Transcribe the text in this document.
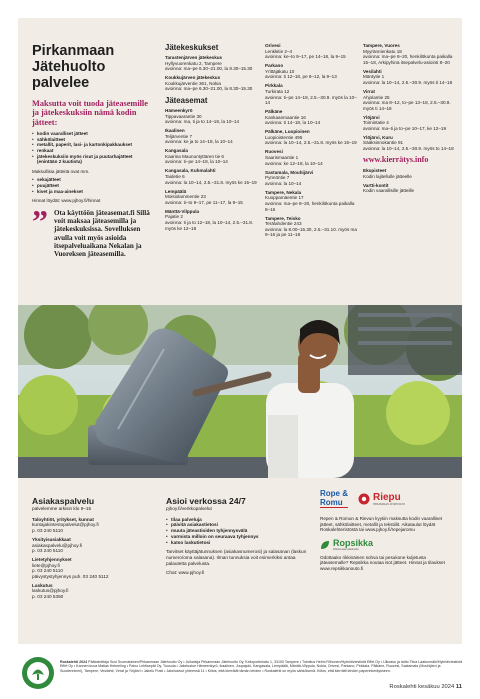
Pirkanmaan Jätehuolto palvelee
Maksutta voit tuoda jäteasemille ja jätekeskuksiin nämä kodin jätteet:
• kodin vaaralliset jätteet
• sähkölaitteet
• metallit, paperit, lasi- ja kartonkipakkaukset
• renkaat
• jätekeskuksiin myös risut ja puutarhajätteet (enintään 2 kuutiota)
Maksullisia jätteitä ovat mm.
• sekajätteet
• puujätteet
• kivet ja maa-ainekset
Hinnat löydät: www.pjhoy.fi/hinnat
” Ota käyttöön jäteasemat.fi Sillä voit maksaa jäteasemilla ja jätekeskuksissa. Sovelluksen avulla voit myös asioida itsepalveluaikana Nekalan ja Vuoreksen jäteasemilla.
Jätekeskukset
Tarastenjärven jätekeskus
Hyllyvuorenkatu 2, Tampere
avoinna: ma–pe 6.30–21.00, la 8.30–15.30
Koukkujärven jätekeskus
Koukkujärventie 361, Nokia
avoinna: ma–pe 6.30–21.00, la 8.30–15.30
Jäteasemat
Hämeenkyrö
Tippavaarantie 30
avoinna: ma, ti ja to 14–18, la 10–14
Ikaalinen
Teljärventie 7
avoinna: ke ja to 14–18, la 10–14
Kangasala
Kaarina Maununtyttären tie 6
avoinna: ti–pe 14–18, la 10–14
Kangasala, Kuhmalahti
Taidetie 6
avoinna: la 10–14, 2.5.–31.8. myös ke 15–19
Lempäälä
Moisiolammentie 23
avoinna: ti–to 9–17, pe 11–17, la 9–15
Mänttä-Vilppula
Pajatie 2
avoinna: ti ja to 12–18, la 10–14, 2.5.–31.8. myös ke 12–18
Orivesi
Lenkkitie 2–4
avoinna: ke–to 9–17, pe 14–18, la 9–15
Parkano
Yrittäjäkatu 10
avoinna: ti 12–18, pe 9–12, la 9–13
Pirkkala
Turkirata 12
avoinna: ti–pe 14–18, 2.5.–30.9. myös la 10–14
Pälkäne
Kankaanmaantie 16
avoinna: ti 14–18, la 10–14
Pälkäne, Luopioinen
Luopioistentie 495
avoinna: la 10–14, 2.5.–31.8. myös ke 15–19
Ruovesi
Saarismaantie 1
avoinna: ke 12–18, la 10–14
Sastamala, Mouhijärvi
Pynnöntie 7
avoinna: la 10–14
Tampere, Nekala
Kuoppamäentie 17
avoinna: ma–pe 8–20, henkilökunta paikalla 8–16
Tampere, Teisko
Terälahdentie 243
avoinna: la 8.00–15.30, 2.5.–31.10. myös ma 9–16 ja pe 11–18
Tampere, Vuores
Myyrännienkatu 18
avoinna: ma–pe 8–20, henkilökunta paikalla 15–18, Arkipyhinä itsepalvelu-asiointi 8–20
Vesilahti
Mäntytie 1
avoinna: la 10–14, 2.5.–30.9. myös ti 14–18
Virrat
Ahjolantie 25
avoinna: ma 8–12, to–pe 13–18, 2.5.–30.9. myös ti 14–18
Ylöjärvi
Toimintatie 4
avoinna: ma–ti ja to–pe 10–17, ke 12–19
Ylöjärvi, Kuru
Sääksinnokantie 91
avoinna: la 10–14, 2.5.–30.9. myös to 14–18
www.kierrätys.info
Ekopisteet
Kodin lajitellulle jätteelle
Vartti-kontit
Kodin vaarallisille jätteille
Asiakaspalvelu
palvelemme arkisin klo 9–15
Taloyhtiöt, yritykset, kunnat
kuntajakintestopalvelut@pjhoy.fi
p. 03 240 5110
Yksityisasiakkaat
asiakaspalvelu@pjhoy.fi
p. 03 240 5110
Lietetyhjennykset
liete@pjhoy.fi
p. 03 240 5110
päivystystyhjennys puh. 03 240 5112
Laskutus
laskutus@pjhoy.fi
p. 03 240 5350
Asioi verkossa 24/7
pjhoy.fi/verkkopalvelut
• tilaa palveluja
• päivitä asiakastietosi
• muuta jäteastioiden tyhjennysvälä
• varmista milloin on seuraava tyhjennys
• katso laskutietosi
Tarvitset käyttäjätunnuksen (asiakasnumerosi) ja salasanan (laskun numero/oma salasana). Ilman tunnuksia voit esimerkiksi antaa palautetta palvelusta.
Chat: www.pjhoy.fi
Rope &
Romu	Riepu
PIRKANMAAN JÄTEHUOLTO
Repen & Romun & Rievun kyytiin maksutta kodin vaaralliset jätteet, sähkölaitteet, metallit ja tekstiilit. Aikataulut löydät Roskalehteristöstä tai www.pjhoy.fi/repejaromu
Ropsikka
Pirkanmaan jätehuolto
Odottaako rikkinäinen sohva tai pesukone kuljetusta jäteasemalle? Repsikka noutaa isot jätteet. Hinnat ja tilaukset www.repsikkanouto.fi
Roskalehti 2024 Päätoimittaja Suvi Suomalainen/Pirkanmaan Jätehuolto Oy • Julkaisija Pirkanmaan Jätehuolto Oy, Kelloportinkatu 1, 33100 Tampere • Toimitus Helmi Riihonen/Hybridiviestintä Effet Oy • Ulkoasu ja taitto Tiina Laatunmäki/Hybridiviestintä Effet Oy • Kannen kuva Matias Helmeling • Paino Lehtisepät Oy, Tuusula • Jakelualue Hämeenkyrö, Ikaalinen, Juupajoki, Kangasala, Lempäälä, Mänttä-Vilppula, Nokia, Orivesi, Parkano, Pirkkala, Pälkäne, Ruovesi, Sastamala (Mouhijärvi ja Suodenniemi), Tampere, Vesilahti, Virrat ja Ylöjärvi • Jakelu Posti • Jakelusivut yhteensä 11 • Kiitos, että kierrätät tämän lehden • Roskalehti on myös sähköisenä. Kiitos, että kierrätit lehden paperinkeräykseen.
Roskalehti kesäkuu 2024 11
